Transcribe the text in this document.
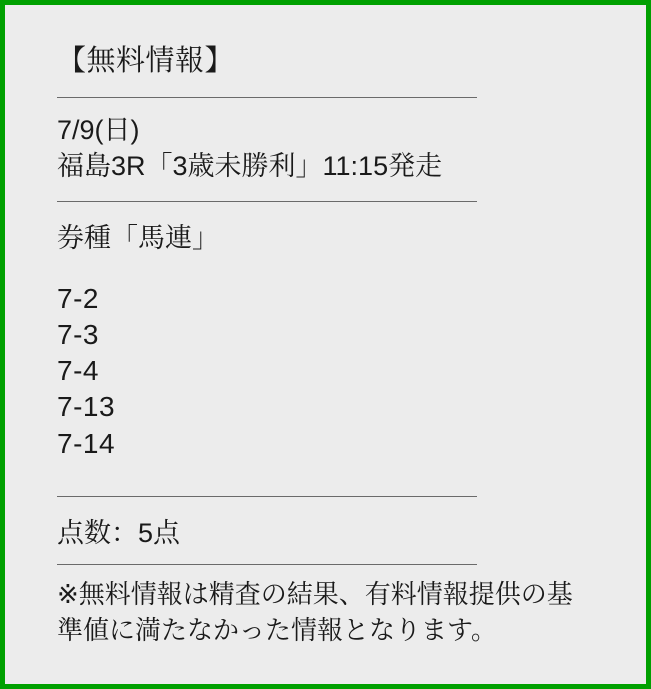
【無料情報】
7/9(日)
福島3R「3歳未勝利」11:15発走
券種「馬連」
7-2
7-3
7-4
7-13
7-14
点数：5点
※無料情報は精査の結果、有料情報提供の基準値に満たなかった情報となります。
